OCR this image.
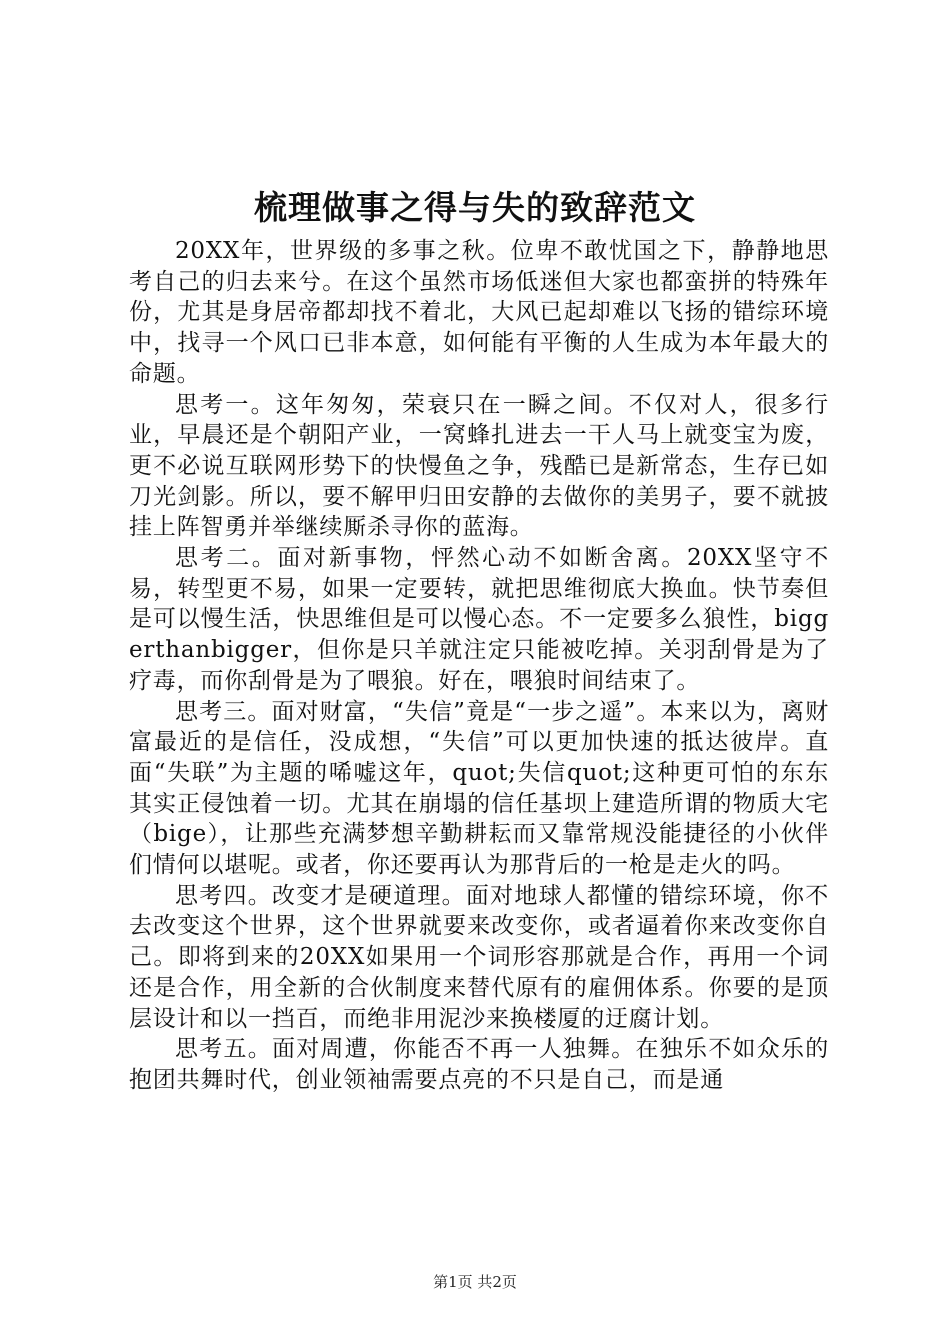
梳理做事之得与失的致辞范文

20XX年，世界级的多事之秋。位卑不敢忧国之下，静静地思考自己的归去来兮。在这个虽然市场低迷但大家也都蛮拼的特殊年份，尤其是身居帝都却找不着北，大风已起却难以飞扬的错综环境中，找寻一个风口已非本意，如何能有平衡的人生成为本年最大的命题。

思考一。这年匆匆，荣衰只在一瞬之间。不仅对人，很多行业，早晨还是个朝阳产业，一窝蜂扎进去一干人马上就变宝为废，更不必说互联网形势下的快慢鱼之争，残酷已是新常态，生存已如刀光剑影。所以，要不解甲归田安静的去做你的美男子，要不就披挂上阵智勇并举继续厮杀寻你的蓝海。

思考二。面对新事物，怦然心动不如断舍离。20XX坚守不易，转型更不易，如果一定要转，就把思维彻底大换血。快节奏但是可以慢生活，快思维但是可以慢心态。不一定要多么狼性，biggerthanbigger，但你是只羊就注定只能被吃掉。关羽刮骨是为了疗毒，而你刮骨是为了喂狼。好在，喂狼时间结束了。

思考三。面对财富，“失信”竟是“一步之遥”。本来以为，离财富最近的是信任，没成想，“失信”可以更加快速的抵达彼岸。直面“失联”为主题的唏嘘这年，quot;失信quot;这种更可怕的东东其实正侵蚀着一切。尤其在崩塌的信任基坝上建造所谓的物质大宅（bige），让那些充满梦想辛勤耕耘而又靠常规没能捷径的小伙伴们情何以堪呢。或者，你还要再认为那背后的一枪是走火的吗。

思考四。改变才是硬道理。面对地球人都懂的错综环境，你不去改变这个世界，这个世界就要来改变你，或者逼着你来改变你自己。即将到来的20XX如果用一个词形容那就是合作，再用一个词还是合作，用全新的合伙制度来替代原有的雇佣体系。你要的是顶层设计和以一挡百，而绝非用泥沙来换楼厦的迂腐计划。

思考五。面对周遭，你能否不再一人独舞。在独乐不如众乐的抱团共舞时代，创业领袖需要点亮的不只是自己，而是通

第1页 共2页
